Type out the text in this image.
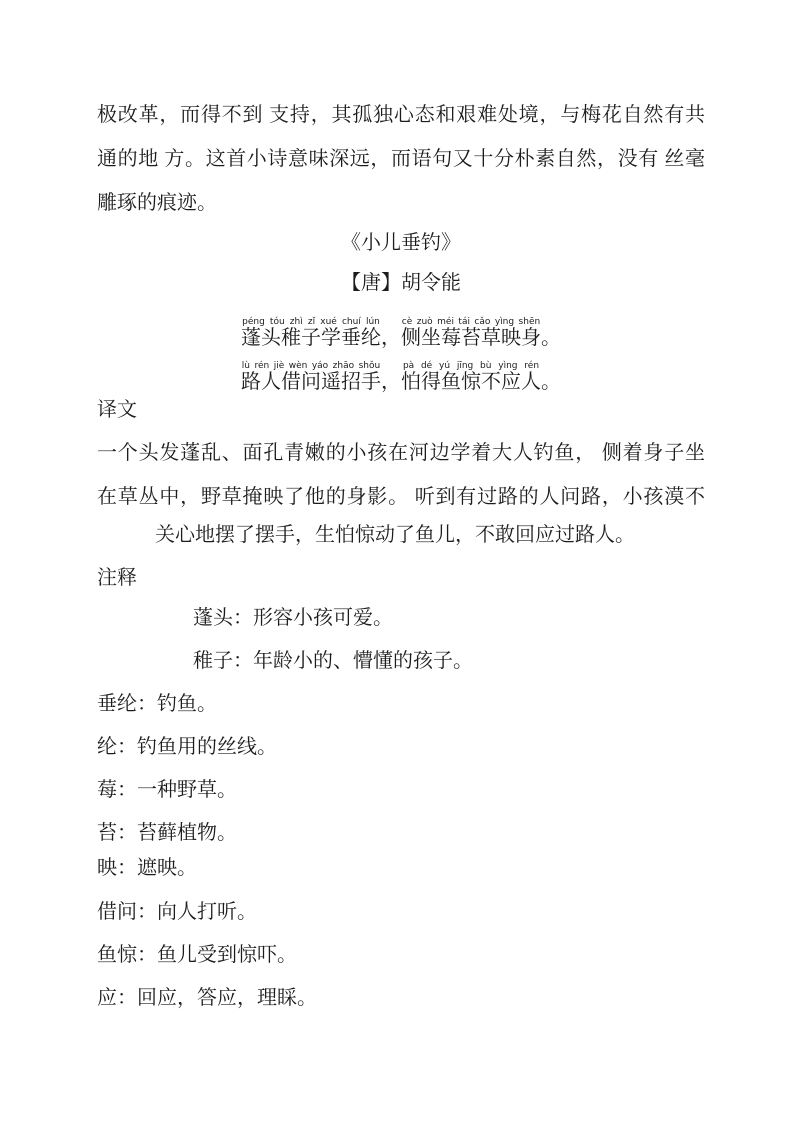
极改革，而得不到 支持，其孤独心态和艰难处境，与梅花自然有共
通的地 方。这首小诗意味深远，而语句又十分朴素自然，没有 丝毫
雕琢的痕迹。
《小儿垂钓》
【唐】胡令能
蓬头稚子学垂纶péng tóu zhì zǐ xué chuí lún，侧坐莓苔草映身cè zuò méi tái cǎo yìng shēn。
路人借问遥招手lù rén jiè wèn yáo zhāo shǒu，怕得鱼惊不应人pà dé yú jīng bù yìng rén。
译文
一个头发蓬乱、面孔青嫩的小孩在河边学着大人钓鱼， 侧着身子坐
在草丛中，野草掩映了他的身影。 听到有过路的人问路，小孩漠不
关心地摆了摆手，生怕惊动了鱼儿，不敢回应过路人。
注释
蓬头：形容小孩可爱。
稚子：年龄小的、懵懂的孩子。
垂纶：钓鱼。
纶：钓鱼用的丝线。
莓：一种野草。
苔：苔藓植物。
映：遮映。
借问：向人打听。
鱼惊：鱼儿受到惊吓。
应：回应，答应，理睬。
